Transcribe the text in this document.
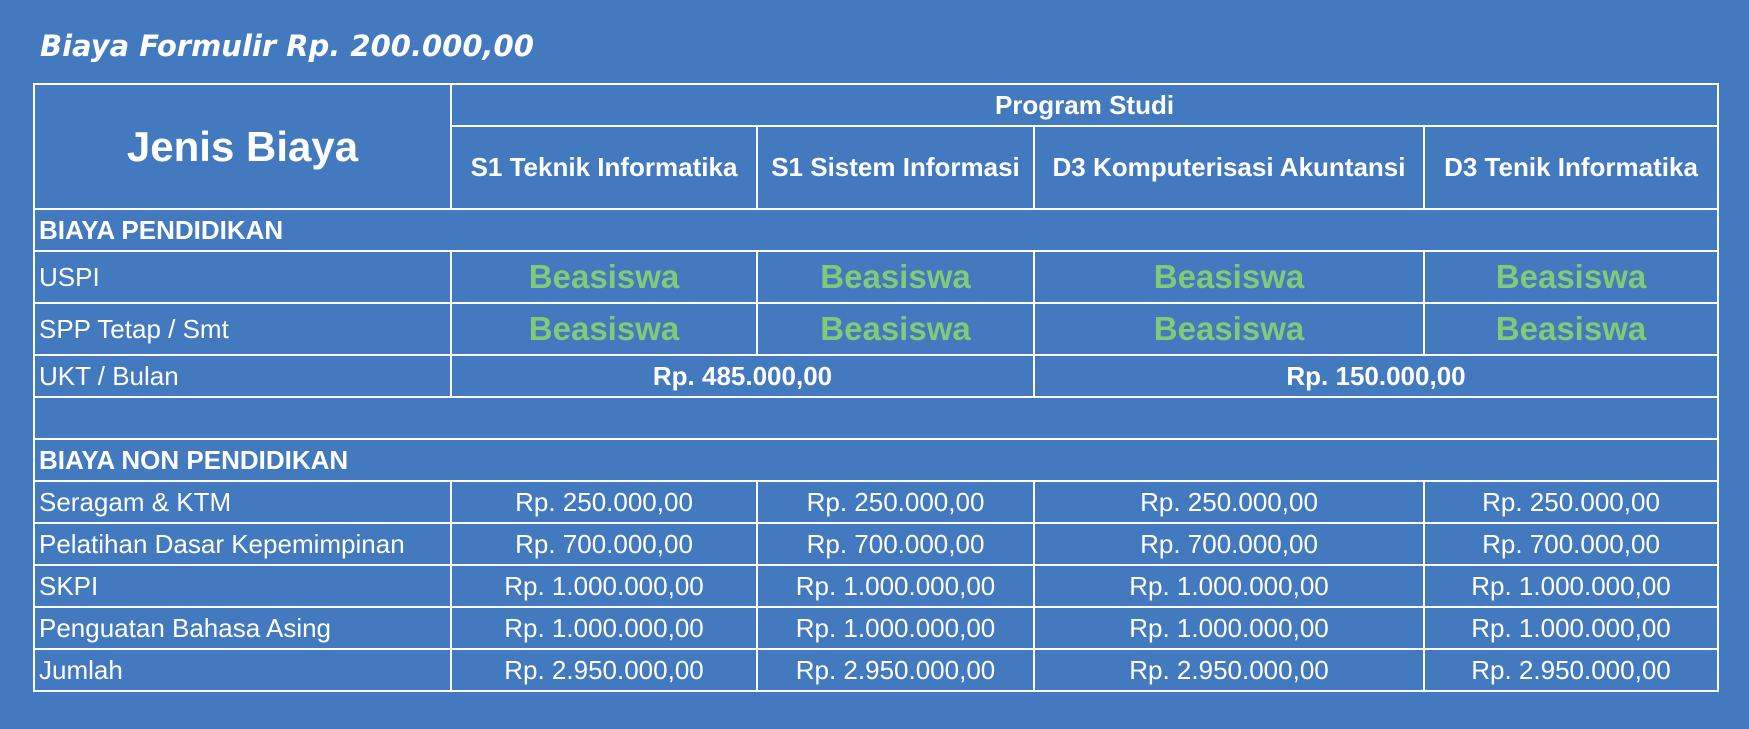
Biaya Formulir Rp. 200.000,00
Jenis Biaya	Program Studi			
	S1 Teknik Informatika	S1 Sistem Informasi	D3 Komputerisasi Akuntansi	D3 Tenik Informatika
BIAYA PENDIDIKAN				
USPI	Beasiswa	Beasiswa	Beasiswa	Beasiswa
SPP Tetap / Smt	Beasiswa	Beasiswa	Beasiswa	Beasiswa
UKT / Bulan	Rp. 485.000,00		Rp. 150.000,00	

BIAYA NON PENDIDIKAN				
Seragam & KTM	Rp. 250.000,00	Rp. 250.000,00	Rp. 250.000,00	Rp. 250.000,00
Pelatihan Dasar Kepemimpinan	Rp. 700.000,00	Rp. 700.000,00	Rp. 700.000,00	Rp. 700.000,00
SKPI	Rp. 1.000.000,00	Rp. 1.000.000,00	Rp. 1.000.000,00	Rp. 1.000.000,00
Penguatan Bahasa Asing	Rp. 1.000.000,00	Rp. 1.000.000,00	Rp. 1.000.000,00	Rp. 1.000.000,00
Jumlah	Rp. 2.950.000,00	Rp. 2.950.000,00	Rp. 2.950.000,00	Rp. 2.950.000,00
